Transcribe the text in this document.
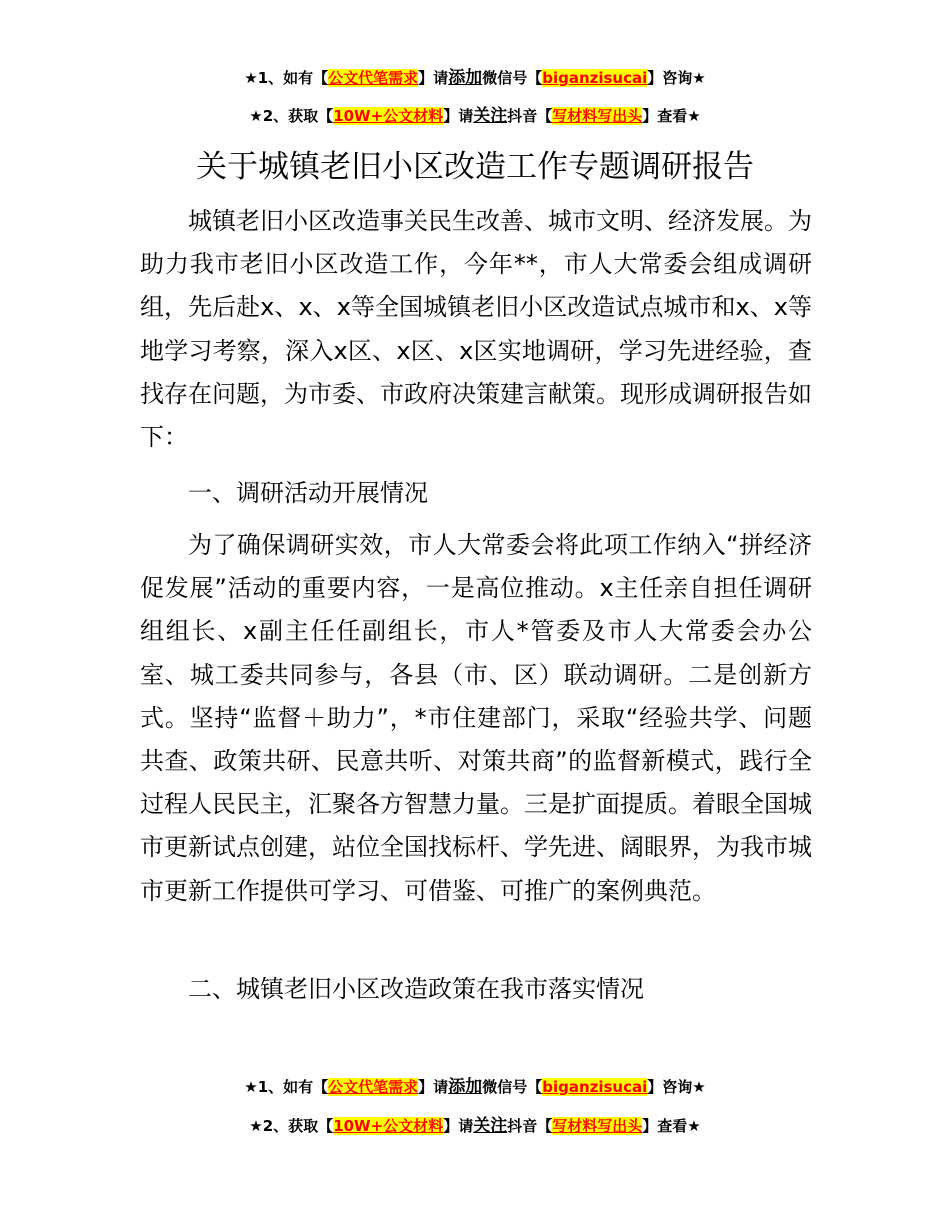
★1、如有【公文代笔需求】请添加微信号【biganzisucai】咨询★
★2、获取【10W+公文材料】请关注抖音【写材料写出头】查看★
关于城镇老旧小区改造工作专题调研报告

城镇老旧小区改造事关民生改善、城市文明、经济发展。为助力我市老旧小区改造工作，今年**，市人大常委会组成调研组，先后赴x、x、x等全国城镇老旧小区改造试点城市和x、x等地学习考察，深入x区、x区、x区实地调研，学习先进经验，查找存在问题，为市委、市政府决策建言献策。现形成调研报告如下：

一、调研活动开展情况

为了确保调研实效，市人大常委会将此项工作纳入“拼经济促发展”活动的重要内容，一是高位推动。x主任亲自担任调研组组长、x副主任任副组长，市人*管委及市人大常委会办公室、城工委共同参与，各县（市、区）联动调研。二是创新方式。坚持“监督＋助力”，*市住建部门，采取“经验共学、问题共查、政策共研、民意共听、对策共商”的监督新模式，践行全过程人民民主，汇聚各方智慧力量。三是扩面提质。着眼全国城市更新试点创建，站位全国找标杆、学先进、阔眼界，为我市城市更新工作提供可学习、可借鉴、可推广的案例典范。

二、城镇老旧小区改造政策在我市落实情况

★1、如有【公文代笔需求】请添加微信号【biganzisucai】咨询★
★2、获取【10W+公文材料】请关注抖音【写材料写出头】查看★
